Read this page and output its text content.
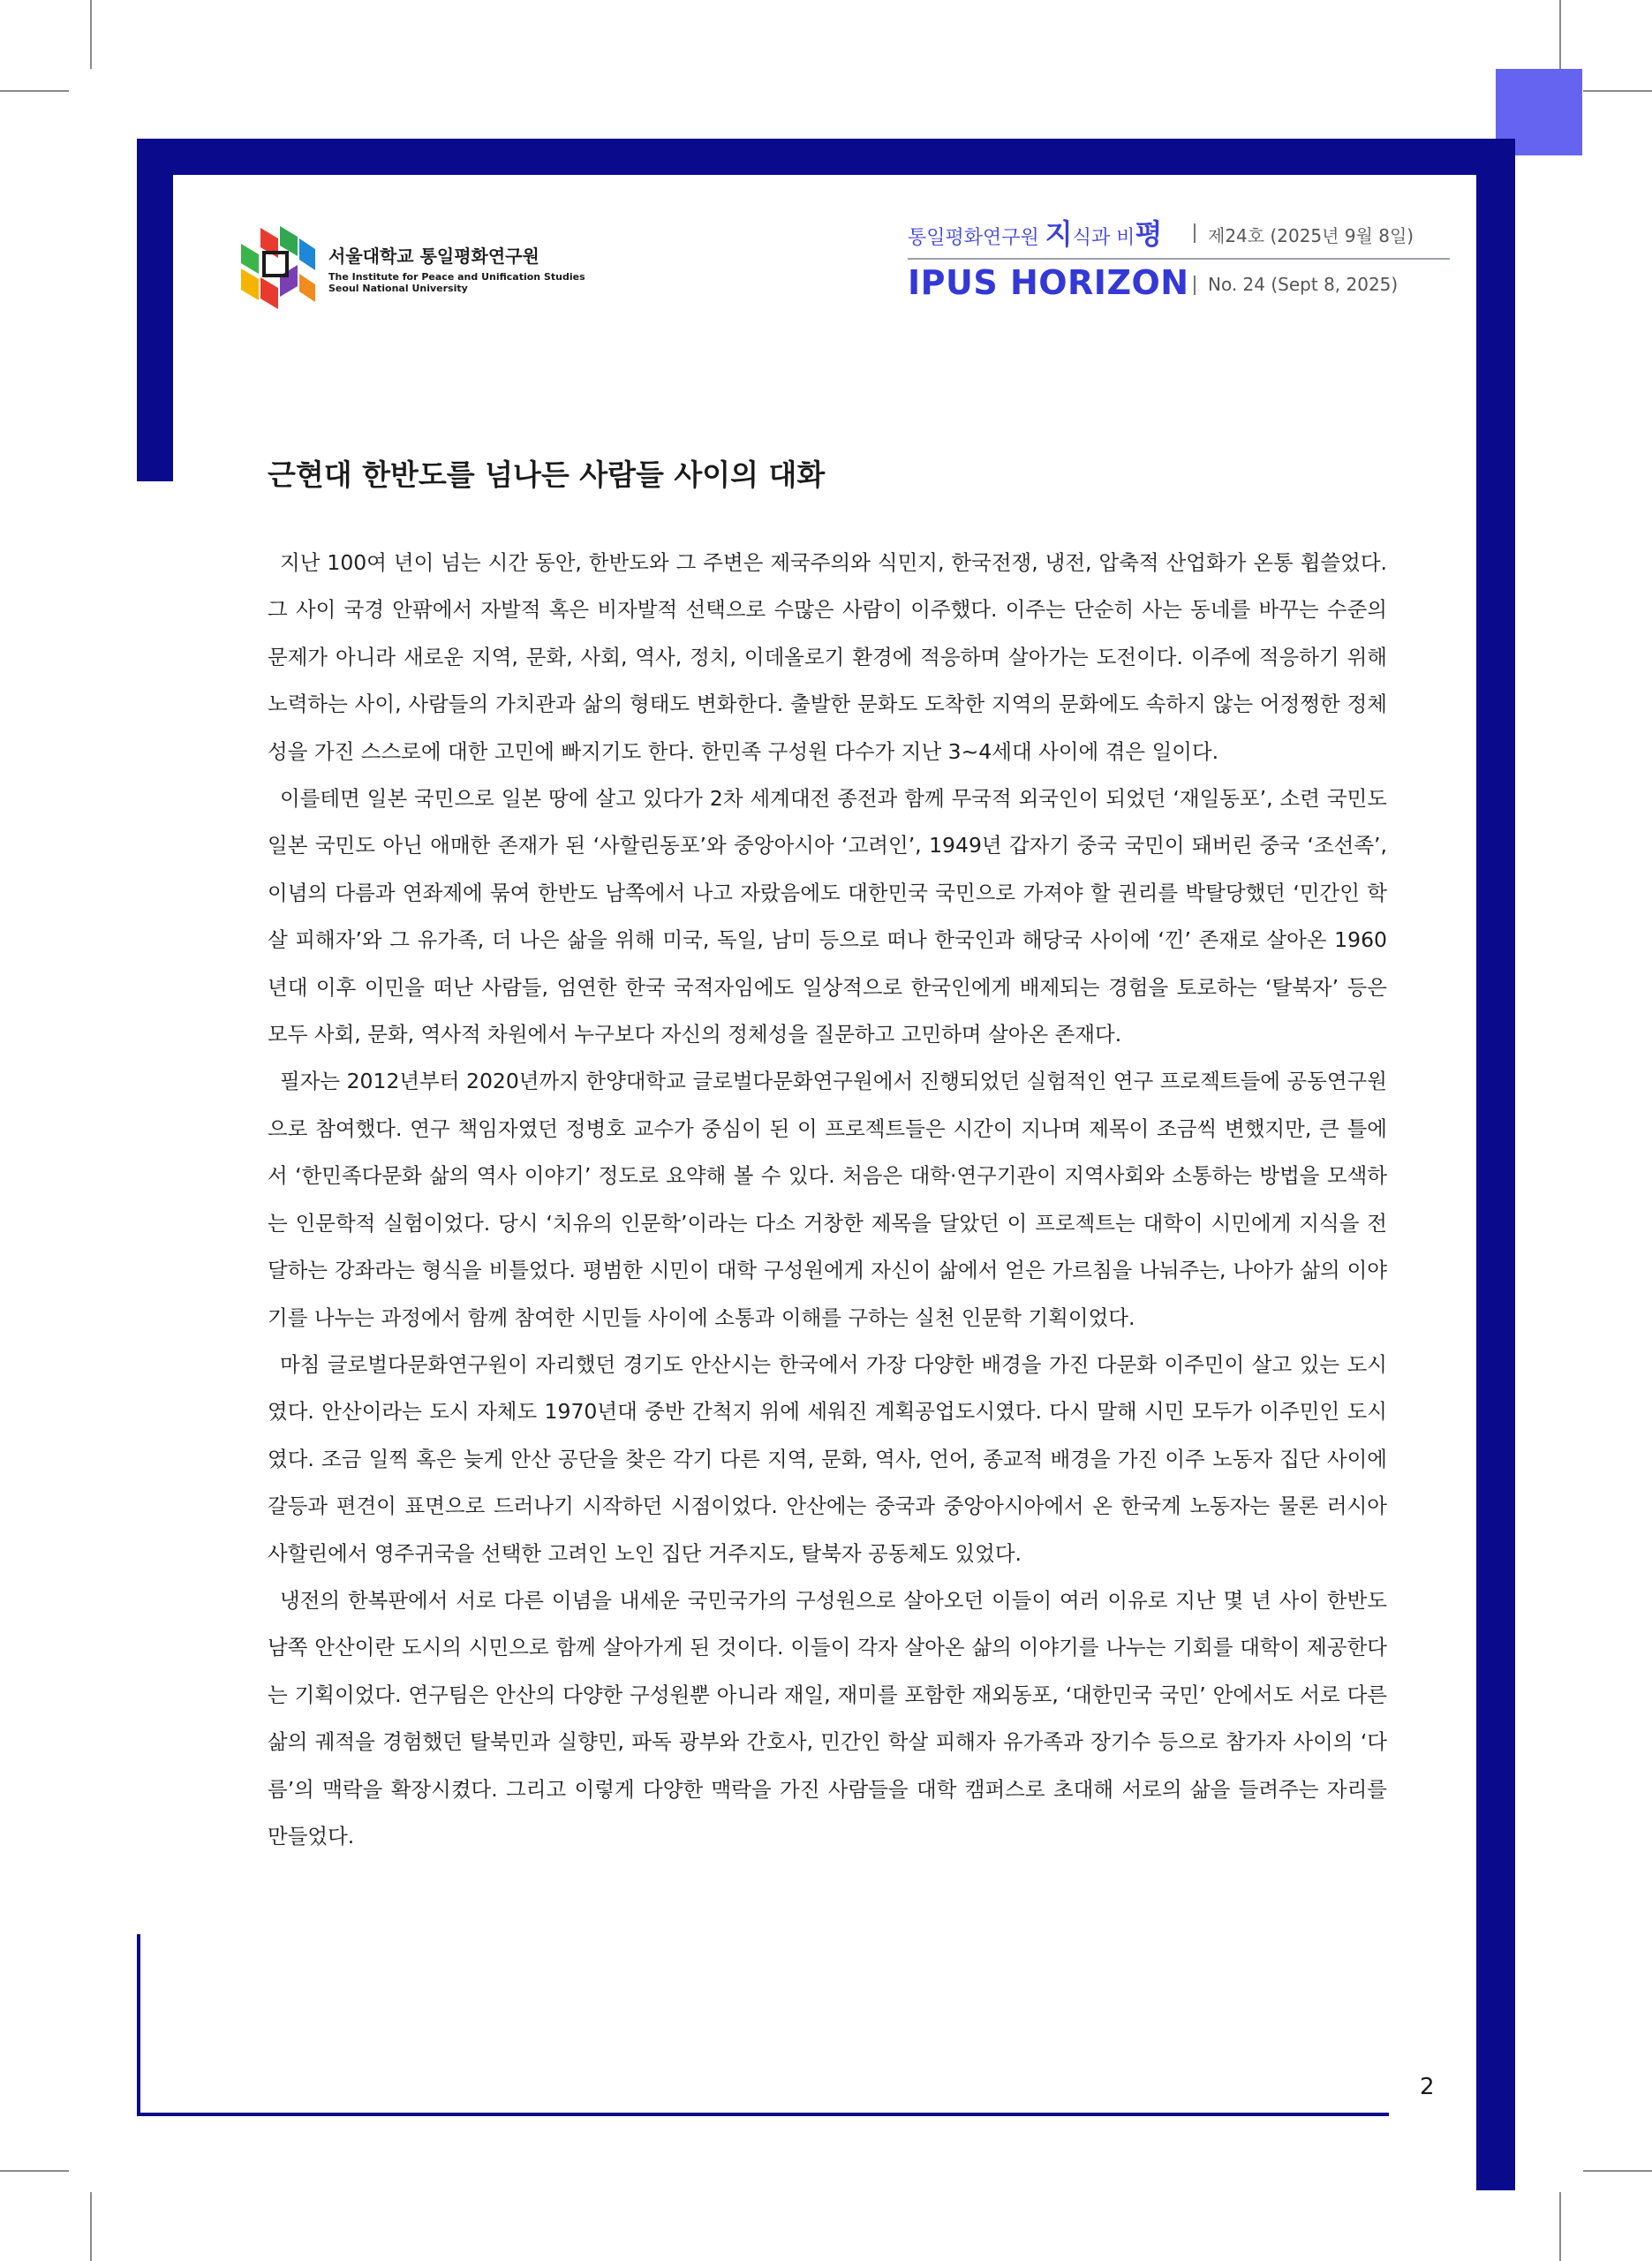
서울대학교 통일평화연구원
The Institute for Peace and Unification Studies
Seoul National University
통일평화연구원 지식과 비평	제24호 (2025년 9월 8일)
IPUS HORIZON No. 24 (Sept 8, 2025)
근현대 한반도를 넘나든 사람들 사이의 대화

지난 100여 년이 넘는 시간 동안, 한반도와 그 주변은 제국주의와 식민지, 한국전쟁, 냉전, 압축적 산업화가 온통 휩쓸었다. 그 사이 국경 안팎에서 자발적 혹은 비자발적 선택으로 수많은 사람이 이주했다. 이주는 단순히 사는 동네를 바꾸는 수준의 문제가 아니라 새로운 지역, 문화, 사회, 역사, 정치, 이데올로기 환경에 적응하며 살아가는 도전이다. 이주에 적응하기 위해 노력하는 사이, 사람들의 가치관과 삶의 형태도 변화한다. 출발한 문화도 도착한 지역의 문화에도 속하지 않는 어정쩡한 정체성을 가진 스스로에 대한 고민에 빠지기도 한다. 한민족 구성원 다수가 지난 3~4세대 사이에 겪은 일이다.

이를테면 일본 국민으로 일본 땅에 살고 있다가 2차 세계대전 종전과 함께 무국적 외국인이 되었던 ‘재일동포’, 소련 국민도 일본 국민도 아닌 애매한 존재가 된 ‘사할린동포’와 중앙아시아 ‘고려인’, 1949년 갑자기 중국 국민이 돼버린 중국 ‘조선족’, 이념의 다름과 연좌제에 묶여 한반도 남쪽에서 나고 자랐음에도 대한민국 국민으로 가져야 할 권리를 박탈당했던 ‘민간인 학살 피해자’와 그 유가족, 더 나은 삶을 위해 미국, 독일, 남미 등으로 떠나 한국인과 해당국 사이에 ‘낀’ 존재로 살아온 1960년대 이후 이민을 떠난 사람들, 엄연한 한국 국적자임에도 일상적으로 한국인에게 배제되는 경험을 토로하는 ‘탈북자’ 등은 모두 사회, 문화, 역사적 차원에서 누구보다 자신의 정체성을 질문하고 고민하며 살아온 존재다.

필자는 2012년부터 2020년까지 한양대학교 글로벌다문화연구원에서 진행되었던 실험적인 연구 프로젝트들에 공동연구원으로 참여했다. 연구 책임자였던 정병호 교수가 중심이 된 이 프로젝트들은 시간이 지나며 제목이 조금씩 변했지만, 큰 틀에서 ‘한민족다문화 삶의 역사 이야기’ 정도로 요약해 볼 수 있다. 처음은 대학·연구기관이 지역사회와 소통하는 방법을 모색하는 인문학적 실험이었다. 당시 ‘치유의 인문학’이라는 다소 거창한 제목을 달았던 이 프로젝트는 대학이 시민에게 지식을 전달하는 강좌라는 형식을 비틀었다. 평범한 시민이 대학 구성원에게 자신이 삶에서 얻은 가르침을 나눠주는, 나아가 삶의 이야기를 나누는 과정에서 함께 참여한 시민들 사이에 소통과 이해를 구하는 실천 인문학 기획이었다.

마침 글로벌다문화연구원이 자리했던 경기도 안산시는 한국에서 가장 다양한 배경을 가진 다문화 이주민이 살고 있는 도시였다. 안산이라는 도시 자체도 1970년대 중반 간척지 위에 세워진 계획공업도시였다. 다시 말해 시민 모두가 이주민인 도시였다. 조금 일찍 혹은 늦게 안산 공단을 찾은 각기 다른 지역, 문화, 역사, 언어, 종교적 배경을 가진 이주 노동자 집단 사이에 갈등과 편견이 표면으로 드러나기 시작하던 시점이었다. 안산에는 중국과 중앙아시아에서 온 한국계 노동자는 물론 러시아 사할린에서 영주귀국을 선택한 고려인 노인 집단 거주지도, 탈북자 공동체도 있었다.

냉전의 한복판에서 서로 다른 이념을 내세운 국민국가의 구성원으로 살아오던 이들이 여러 이유로 지난 몇 년 사이 한반도 남쪽 안산이란 도시의 시민으로 함께 살아가게 된 것이다. 이들이 각자 살아온 삶의 이야기를 나누는 기회를 대학이 제공한다는 기획이었다. 연구팀은 안산의 다양한 구성원뿐 아니라 재일, 재미를 포함한 재외동포, ‘대한민국 국민’ 안에서도 서로 다른 삶의 궤적을 경험했던 탈북민과 실향민, 파독 광부와 간호사, 민간인 학살 피해자 유가족과 장기수 등으로 참가자 사이의 ‘다름’의 맥락을 확장시켰다. 그리고 이렇게 다양한 맥락을 가진 사람들을 대학 캠퍼스로 초대해 서로의 삶을 들려주는 자리를 만들었다.

2
